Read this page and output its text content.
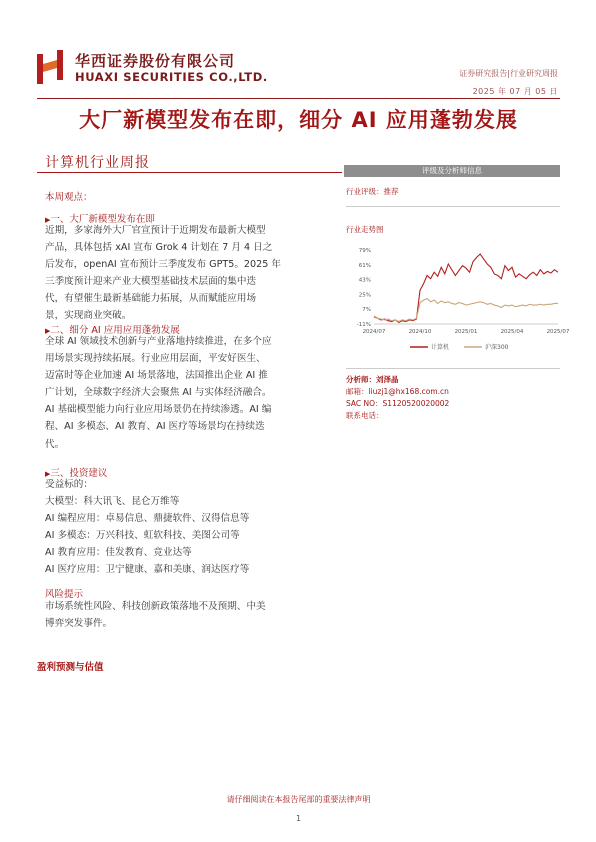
华西证券股份有限公司
HUAXI SECURITIES CO.,LTD.	证券研究报告|行业研究周报
2025 年 07 月 05 日
大厂新模型发布在即，细分 AI 应用蓬勃发展
计算机行业周报	评级及分析师信息
行业评级：推荐
行业走势图
79%
61%
43%
25%
7%
-11%
2024/07	2024/10	2025/01	2025/04	2025/07
计算机	沪深300
分析师：刘泽晶
邮箱：liuzj1@hx168.com.cn
SAC NO：S1120520020002
联系电话：
本周观点：
▶一、大厂新模型发布在即
近期，多家海外大厂官宣预计于近期发布最新大模型
产品，具体包括 xAI 宣布 Grok 4 计划在 7 月 4 日之
后发布，openAI 宣布预计三季度发布 GPT5。2025 年
三季度预计迎来产业大模型基础技术层面的集中迭
代，有望催生最新基础能力拓展，从而赋能应用场
景，实现商业突破。
▶二、细分 AI 应用应用蓬勃发展
全球 AI 领域技术创新与产业落地持续推进，在多个应
用场景实现持续拓展。行业应用层面，平安好医生、
迈富时等企业加速 AI 场景落地，法国推出企业 AI 推
广计划，全球数字经济大会聚焦 AI 与实体经济融合。
AI 基础模型能力向行业应用场景仍在持续渗透。AI 编
程、AI 多模态、AI 教育、AI 医疗等场景均在持续迭
代。
▶三、投资建议
受益标的：
大模型：科大讯飞、昆仑万维等
AI 编程应用：卓易信息、鼎捷软件、汉得信息等
AI 多模态：万兴科技、虹软科技、美图公司等
AI 教育应用：佳发教育、竞业达等
AI 医疗应用：卫宁健康、嘉和美康、润达医疗等
风险提示
市场系统性风险、科技创新政策落地不及预期、中美
博弈突发事件。
盈利预测与估值
请仔细阅读在本报告尾部的重要法律声明
1
